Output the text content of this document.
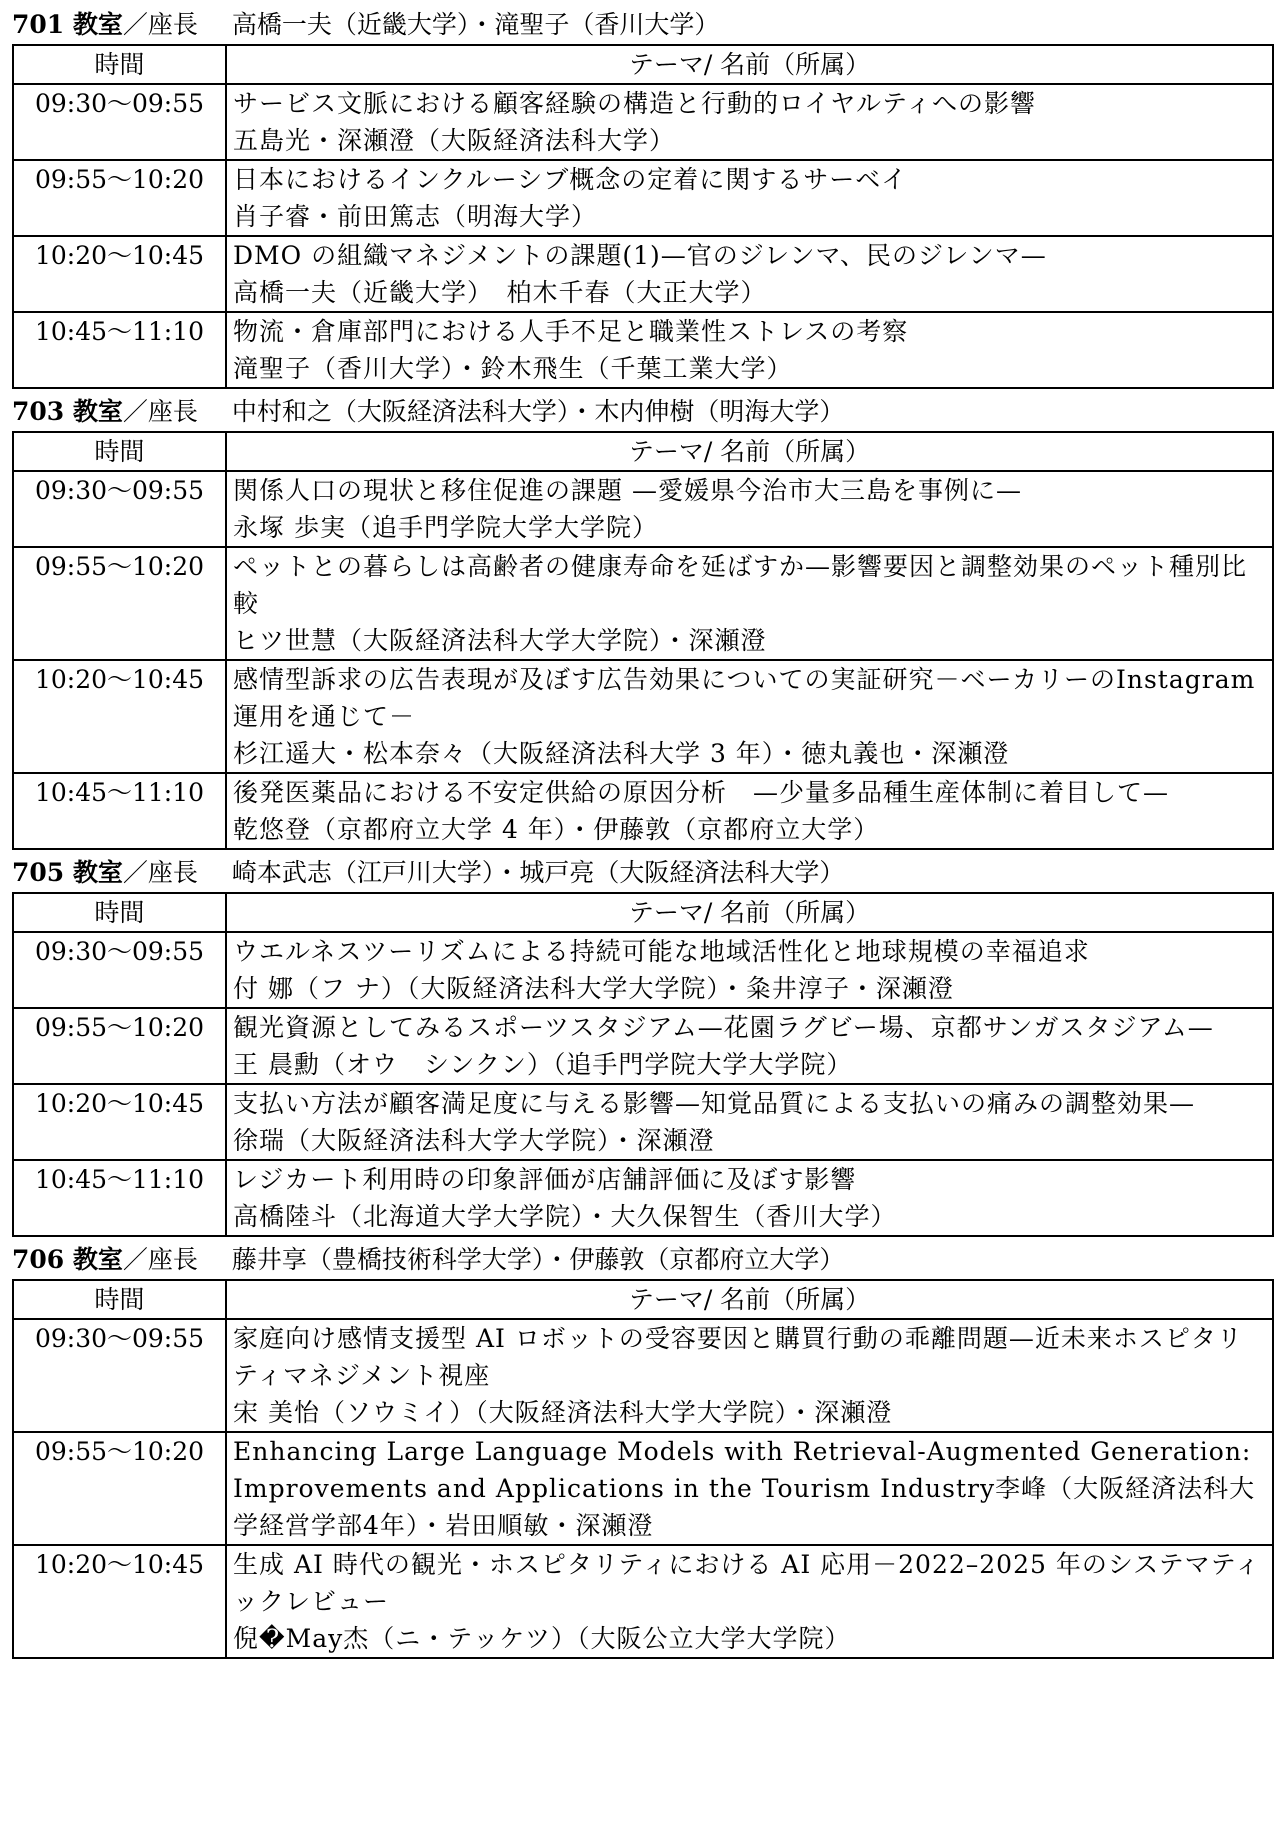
701 教室 ／座長 高橋一夫（近畿大学）・滝聖子（香川大学）
時間	テーマ/ 名前（所属）
09:30〜09:55	サービス文脈における顧客経験の構造と行動的ロイヤルティへの影響
五島光・深瀬澄（大阪経済法科大学）

09:55〜10:20	日本におけるインクルーシブ概念の定着に関するサーベイ
肖子睿・前田篤志（明海大学）

10:20〜10:45	DMO の組織マネジメントの課題(1)—官のジレンマ、民のジレンマ—
高橋一夫（近畿大学）　柏木千春（大正大学）

10:45〜11:10	物流・倉庫部門における人手不足と職業性ストレスの考察
滝聖子（香川大学）・鈴木飛生（千葉工業大学）
703 教室 ／座長 中村和之（大阪経済法科大学）・木内伸樹（明海大学）
時間	テーマ/ 名前（所属）
09:30〜09:55	関係人口の現状と移住促進の課題 —愛媛県今治市大三島を事例に—
永塚 歩実（追手門学院大学大学院）

09:55〜10:20	ペットとの暮らしは高齢者の健康寿命を延ばすか—影響要因と調整効果のペット種別比較
ヒツ世慧（大阪経済法科大学大学院）・深瀬澄

10:20〜10:45	感情型訴求の広告表現が及ぼす広告効果についての実証研究－ベーカリーのInstagram 運用を通じて－
杉江遥大・松本奈々（大阪経済法科大学 3 年）・徳丸義也・深瀬澄

10:45〜11:10	後発医薬品における不安定供給の原因分析　—少量多品種生産体制に着目して—
乾悠登（京都府立大学 4 年）・伊藤敦（京都府立大学）
705 教室 ／座長 崎本武志（江戸川大学）・城戸亮（大阪経済法科大学）
時間	テーマ/ 名前（所属）
09:30〜09:55	ウエルネスツーリズムによる持続可能な地域活性化と地球規模の幸福追求
付 娜（フ ナ）（大阪経済法科大学大学院）・粂井淳子・深瀬澄

09:55〜10:20	観光資源としてみるスポーツスタジアム—花園ラグビー場、京都サンガスタジアム—
王 晨勳（オウ　シンクン）（追手門学院大学大学院）

10:20〜10:45	支払い方法が顧客満足度に与える影響—知覚品質による支払いの痛みの調整効果—
徐瑞（大阪経済法科大学大学院）・深瀬澄

10:45〜11:10	レジカート利用時の印象評価が店舗評価に及ぼす影響
高橋陸斗（北海道大学大学院）・大久保智生（香川大学）
706 教室 ／座長 藤井享（豊橋技術科学大学）・伊藤敦（京都府立大学）
時間	テーマ/ 名前（所属）
09:30〜09:55	家庭向け感情支援型 AI ロボットの受容要因と購買行動の乖離問題—近未来ホスピタリティマネジメント視座
宋 美怡（ソウミイ）（大阪経済法科大学大学院）・深瀬澄

09:55〜10:20	Enhancing Large Language Models with Retrieval-Augmented Generation: Improvements and Applications in the Tourism Industry李峰（大阪経済法科大学経営学部4年）・岩田順敏・深瀬澄

10:20〜10:45	生成 AI 時代の観光・ホスピタリティにおける AI 応用－2022–2025 年のシステマティックレビュー
倪�May杰（ニ・テッケツ）（大阪公立大学大学院）
